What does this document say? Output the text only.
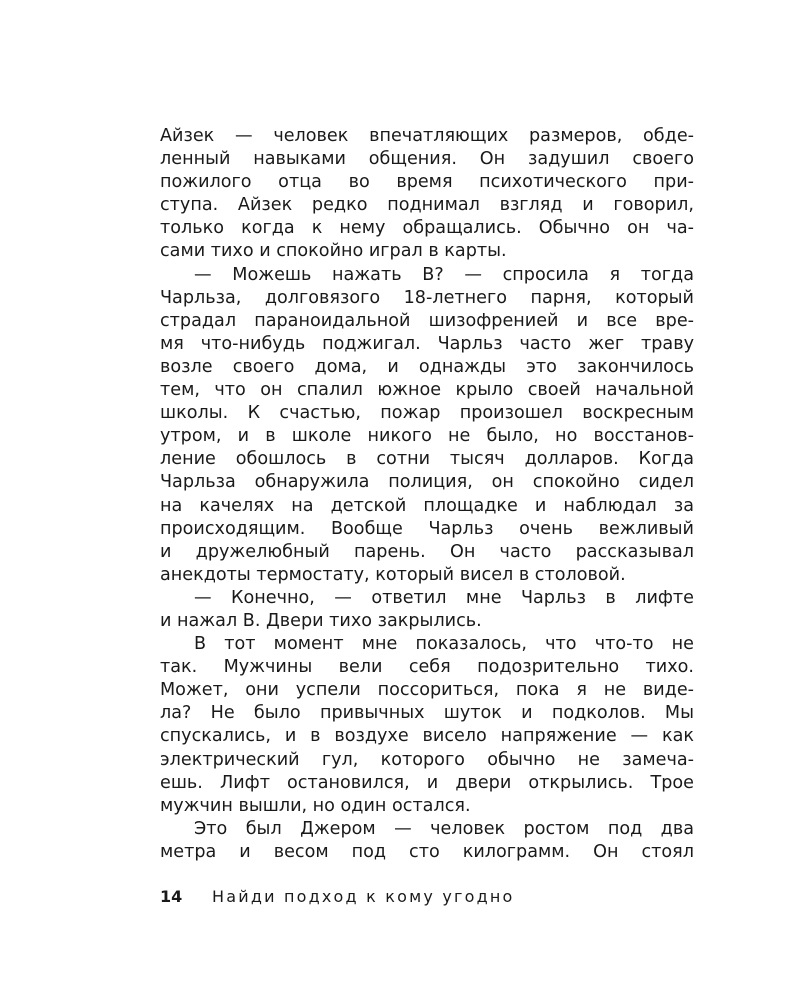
Айзек — человек впечатляющих размеров, обде-
ленный навыками общения. Он задушил своего
пожилого отца во время психотического при-
ступа. Айзек редко поднимал взгляд и говорил,
только когда к нему обращались. Обычно он ча-
сами тихо и спокойно играл в карты.
— Можешь нажать В? — спросила я тогда
Чарльза, долговязого 18-летнего парня, который
страдал параноидальной шизофренией и все вре-
мя что-нибудь поджигал. Чарльз часто жег траву
возле своего дома, и однажды это закончилось
тем, что он спалил южное крыло своей начальной
школы. К счастью, пожар произошел воскресным
утром, и в школе никого не было, но восстанов-
ление обошлось в сотни тысяч долларов. Когда
Чарльза обнаружила полиция, он спокойно сидел
на качелях на детской площадке и наблюдал за
происходящим. Вообще Чарльз очень вежливый
и дружелюбный парень. Он часто рассказывал
анекдоты термостату, который висел в столовой.
— Конечно, — ответил мне Чарльз в лифте
и нажал В. Двери тихо закрылись.
В тот момент мне показалось, что что-то не
так. Мужчины вели себя подозрительно тихо.
Может, они успели поссориться, пока я не виде-
ла? Не было привычных шуток и подколов. Мы
спускались, и в воздухе висело напряжение — как
электрический гул, которого обычно не замеча-
ешь. Лифт остановился, и двери открылись. Трое
мужчин вышли, но один остался.
Это был Джером — человек ростом под два
метра и весом под сто килограмм. Он стоял
14 Найди подход к кому угодно
